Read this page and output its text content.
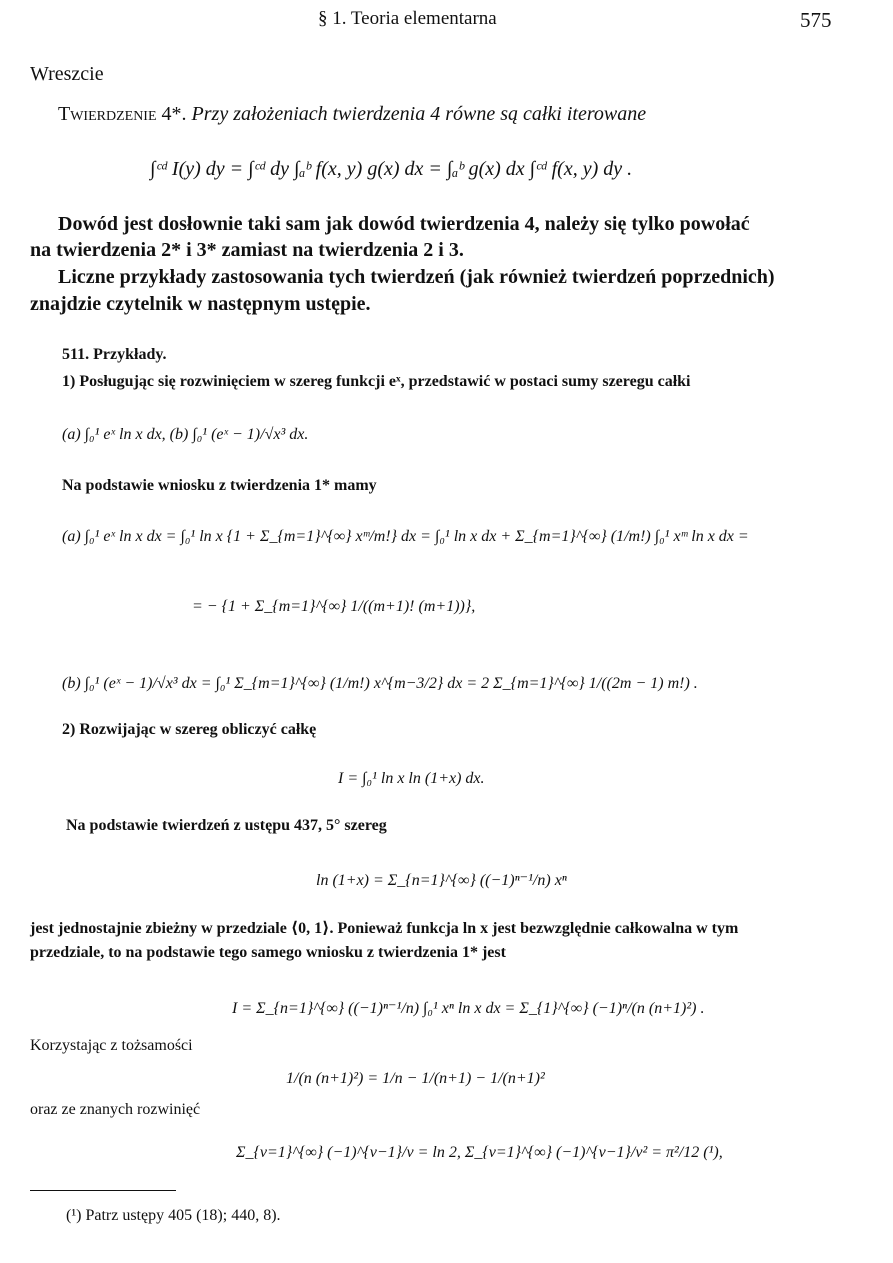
§ 1. Teoria elementarna	575
Wreszcie
Twierdzenie 4*. Przy założeniach twierdzenia 4 równe są całki iterowane
∫ᶜᵈ I(y) dy = ∫ᶜᵈ dy ∫ₐᵇ f(x, y) g(x) dx = ∫ₐᵇ g(x) dx ∫ᶜᵈ f(x, y) dy .
Dowód jest dosłownie taki sam jak dowód twierdzenia 4, należy się tylko powołać
na twierdzenia 2* i 3* zamiast na twierdzenia 2 i 3.
Liczne przykłady zastosowania tych twierdzeń (jak również twierdzeń poprzednich)
znajdzie czytelnik w następnym ustępie.
511. Przykłady.
1) Posługując się rozwinięciem w szereg funkcji eˣ, przedstawić w postaci sumy szeregu całki
(a) ∫₀¹ eˣ ln x dx, (b) ∫₀¹ (eˣ − 1)/√x³ dx.
Na podstawie wniosku z twierdzenia 1* mamy
(a) ∫₀¹ eˣ ln x dx = ∫₀¹ ln x {1 + Σ_{m=1}^{∞} xᵐ/m!} dx = ∫₀¹ ln x dx + Σ_{m=1}^{∞} (1/m!) ∫₀¹ xᵐ ln x dx =
= − {1 + Σ_{m=1}^{∞} 1/((m+1)! (m+1))},
(b) ∫₀¹ (eˣ − 1)/√x³ dx = ∫₀¹ Σ_{m=1}^{∞} (1/m!) x^{m−3/2} dx = 2 Σ_{m=1}^{∞} 1/((2m − 1) m!) .
2) Rozwijając w szereg obliczyć całkę
I = ∫₀¹ ln x ln (1+x) dx.
Na podstawie twierdzeń z ustępu 437, 5° szereg
ln (1+x) = Σ_{n=1}^{∞} ((−1)ⁿ⁻¹/n) xⁿ
jest jednostajnie zbieżny w przedziale ⟨0, 1⟩. Ponieważ funkcja ln x jest bezwzględnie całkowalna w tym
przedziale, to na podstawie tego samego wniosku z twierdzenia 1* jest
I = Σ_{n=1}^{∞} ((−1)ⁿ⁻¹/n) ∫₀¹ xⁿ ln x dx = Σ_{1}^{∞} (−1)ⁿ/(n (n+1)²) .
Korzystając z tożsamości
1/(n (n+1)²) = 1/n − 1/(n+1) − 1/(n+1)²
oraz ze znanych rozwinięć
Σ_{ν=1}^{∞} (−1)^{ν−1}/ν = ln 2, Σ_{ν=1}^{∞} (−1)^{ν−1}/ν² = π²/12 (¹),
(¹) Patrz ustępy 405 (18); 440, 8).
